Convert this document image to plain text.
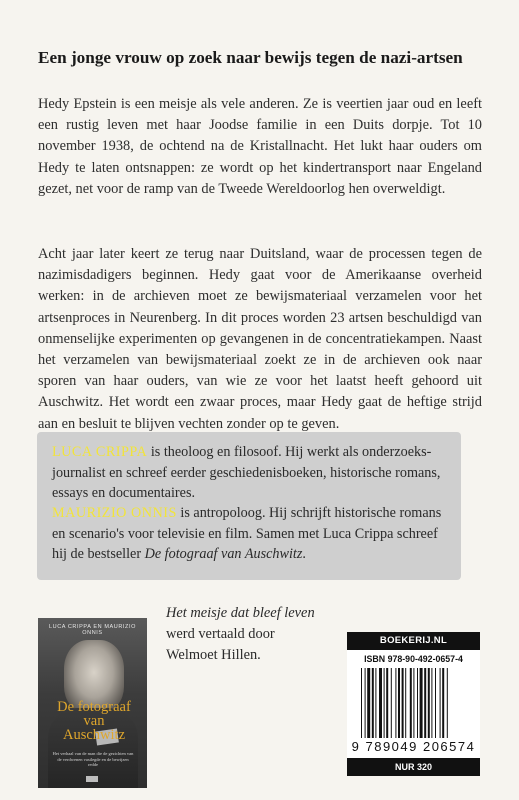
Een jonge vrouw op zoek naar bewijs tegen de nazi-artsen

Hedy Epstein is een meisje als vele anderen. Ze is veertien jaar oud en leeft een rustig leven met haar Joodse familie in een Duits dorpje. Tot 10 november 1938, de ochtend na de Kristallnacht. Het lukt haar ouders om Hedy te laten ontsnappen: ze wordt op het kindertransport naar Engeland gezet, net voor de ramp van de Tweede Wereldoorlog hen overweldigt.

Acht jaar later keert ze terug naar Duitsland, waar de processen tegen de nazimisdadigers beginnen. Hedy gaat voor de Amerikaanse overheid werken: in de archieven moet ze bewijsmateriaal verzamelen voor het artsenproces in Neurenberg. In dit proces worden 23 artsen beschuldigd van onmenselijke experimenten op gevangenen in de concentratiekampen. Naast het verzamelen van bewijsmateriaal zoekt ze in de archieven ook naar sporen van haar ouders, van wie ze voor het laatst heeft gehoord uit Auschwitz. Het wordt een zwaar proces, maar Hedy gaat de heftige strijd aan en besluit te blijven vechten zonder op te geven.

LUCA CRIPPA is theoloog en filosoof. Hij werkt als onderzoeksjournalist en schreef eerder geschiedenisboeken, historische romans, essays en documentaires.

MAURIZIO ONNIS is antropoloog. Hij schrijft historische romans en scenario's voor televisie en film. Samen met Luca Crippa schreef hij de bestseller De fotograaf van Auschwitz.

LUCA CRIPPA EN MAURIZIO ONNIS
De fotograaf van Auschwitz
Het verhaal van de man die de gezichten van de verdwenen vastlegde en de bewijzen redde

Het meisje dat bleef leven

werd vertaald door

Welmoet Hillen.

BOEKERIJ.NL
ISBN 978-90-492-0657-4
9 789049 206574
NUR 320
